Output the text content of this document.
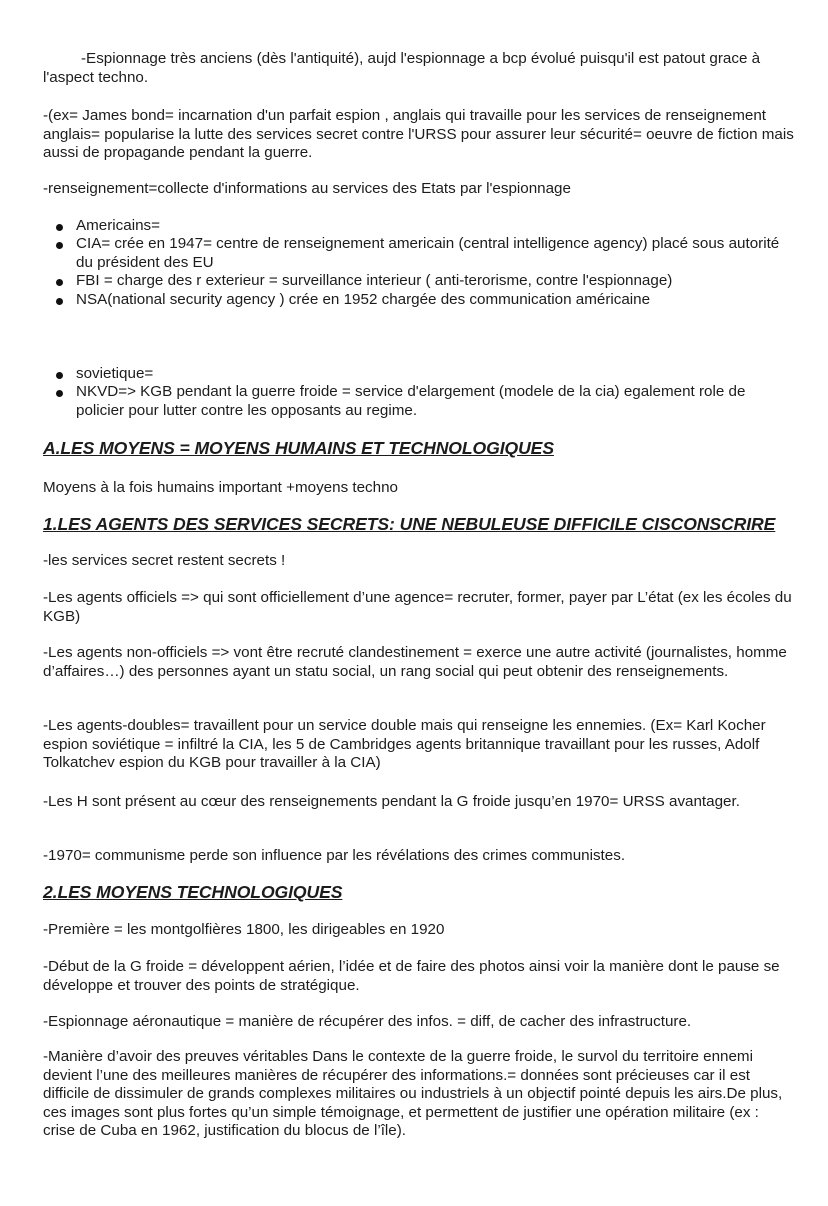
-Espionnage très anciens (dès l'antiquité), aujd l'espionnage a bcp évolué puisqu'il est patout grace à l'aspect techno.

-(ex= James bond= incarnation d'un parfait espion , anglais qui travaille pour les services de renseignement anglais= popularise la lutte des services secret contre l'URSS pour assurer leur sécurité= oeuvre de fiction mais aussi de propagande pendant la guerre.

-renseignement=collecte d'informations au services des Etats par l'espionnage

Americains=
CIA= crée en 1947= centre de renseignement americain (central intelligence agency) placé sous autorité du président des EU
FBI = charge des r exterieur = surveillance interieur ( anti-terorisme, contre l'espionnage)
NSA(national security agency ) crée en 1952 chargée des communication américaine
sovietique=
NKVD=> KGB pendant la guerre froide = service d'elargement (modele de la cia) egalement role de policier pour lutter contre les opposants au regime.
A.LES MOYENS = MOYENS HUMAINS ET TECHNOLOGIQUES

Moyens à la fois humains important +moyens techno

1.LES AGENTS DES SERVICES SECRETS: UNE NEBULEUSE DIFFICILE CISCONSCRIRE

-les services secret restent secrets !

-Les agents officiels => qui sont officiellement d’une agence= recruter, former, payer par L’état (ex les écoles du KGB)

-Les agents non-officiels => vont être recruté clandestinement = exerce une autre activité (journalistes, homme d’affaires…) des personnes ayant un statu social, un rang social qui peut obtenir des renseignements.

-Les agents-doubles= travaillent pour un service double mais qui renseigne les ennemies. (Ex= Karl Kocher espion soviétique = infiltré la CIA, les 5 de Cambridges agents britannique travaillant pour les russes, Adolf Tolkatchev espion du KGB pour travailler à la CIA)

-Les H sont présent au cœur des renseignements pendant la G froide jusqu’en 1970= URSS avantager.

-1970= communisme perde son influence par les révélations des crimes communistes.

2.LES MOYENS TECHNOLOGIQUES

-Première = les montgolfières 1800, les dirigeables en 1920

-Début de la G froide = développent aérien, l’idée et de faire des photos ainsi voir la manière dont le pause se développe et trouver des points de stratégique.

-Espionnage aéronautique = manière de récupérer des infos. = diff, de cacher des infrastructure.

-Manière d’avoir des preuves véritables Dans le contexte de la guerre froide, le survol du territoire ennemi devient l’une des meilleures manières de récupérer des informations.= données sont précieuses car il est difficile de dissimuler de grands complexes militaires ou industriels à un objectif pointé depuis les airs.De plus, ces images sont plus fortes qu’un simple témoignage, et permettent de justifier une opération militaire (ex : crise de Cuba en 1962, justification du blocus de l’île).
